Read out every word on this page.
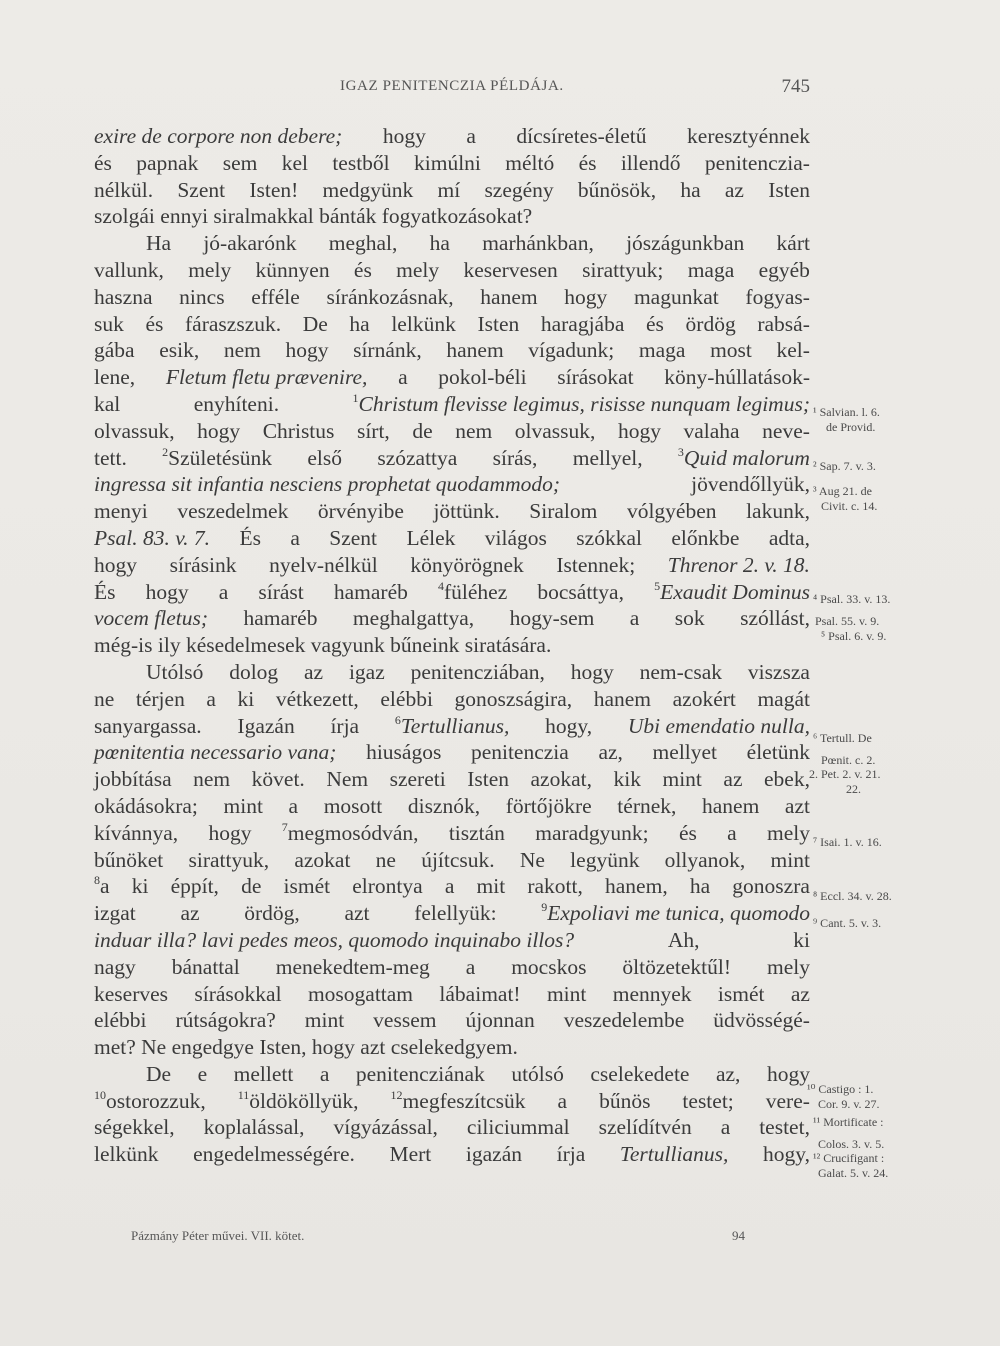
IGAZ PENITENCZIA PÉLDÁJA.	745
exire de corpore non debere; hogy a dícsíretes-életű keresztyénnek
és papnak sem kel testből kimúlni méltó és illendő penitenczia-
nélkül. Szent Isten! medgyünk mí szegény bűnösök, ha az Isten
szolgái ennyi siralmakkal bánták fogyatkozásokat?
Ha jó-akarónk meghal, ha marhánkban, jószágunkban kárt
vallunk, mely künnyen és mely keservesen sirattyuk; maga egyéb
haszna nincs efféle síránkozásnak, hanem hogy magunkat fogyas-
suk és fáraszszuk. De ha lelkünk Isten haragjába és ördög rabsá-
gába esik, nem hogy sírnánk, hanem vígadunk; maga most kel-
lene, Fletum fletu prævenire, a pokol-béli sírásokat köny-húllatások-
kal	enyhíteni.	$^1$Christum flevisse legimus, risisse nunquam legimus;
olvassuk, hogy Christus sírt, de nem olvassuk, hogy valaha neve-
tett.	$^2$Születésünk első szózattya sírás, mellyel,	$^3$Quid malorum
ingressa sit infantia nesciens prophetat quodammodo;	jövendőllyük,
menyi veszedelmek örvényibe jöttünk. Siralom vólgyében lakunk,
Psal. 83. v. 7. És a Szent Lélek világos szókkal előnkbe adta,
hogy sírásink nyelv-nélkül könyörögnek Istennek; Threnor 2. v. 18.
És hogy a sírást hamaréb	$^4$füléhez bocsáttya,	$^5$Exaudit Dominus
vocem fletus; hamaréb meghalgattya, hogy-sem a sok szóllást,
még-is ily késedelmesek vagyunk bűneink siratására.
Utólsó dolog az igaz penitencziában, hogy nem-csak viszsza
ne térjen a ki vétkezett, elébbi gonoszságira, hanem azokért magát
sanyargassa. Igazán írja	$^6$Tertullianus, hogy, Ubi emendatio nulla,
pœnitentia necessario vana; hiuságos penitenczia az, mellyet életünk
jobbítása nem követ. Nem szereti Isten azokat, kik mint az ebek,
okádásokra; mint a mosott disznók, förtőjökre térnek, hanem azt
kívánnya, hogy	$^7$megmosódván, tisztán maradgyunk; és a mely
bűnöket sirattyuk, azokat ne újítcsuk. Ne legyünk ollyanok, mint
$^8$a ki éppít, de ismét elrontya a mit rakott, hanem, ha gonoszra
izgat az ördög, azt felellyük:	$^9$Expoliavi me tunica, quomodo
induar illa? lavi pedes meos, quomodo inquinabo illos?	Ah,	ki
nagy bánattal menekedtem-meg a mocskos öltözetektűl! mely
keserves sírásokkal mosogattam lábaimat! mint mennyek ismét az
elébbi rútságokra? mint vessem újonnan veszedelembe üdvösségé-
met? Ne engedgye Isten, hogy azt cselekedgyem.
De e mellett a penitencziának utólsó cselekedete az, hogy
$^{10}$ostorozzuk,	$^{11}$öldököllyük,	$^{12}$megfeszítcsük a bűnös testet; vere-
ségekkel, koplalással, vígyázással, ciliciummal szelídítvén a testet,
lelkünk engedelmességére. Mert igazán írja Tertullianus, hogy,
¹ Salvian. l. 6.
de Provid.
² Sap. 7. v. 3.
³ Aug 21. de
Civit. c. 14.
⁴ Psal. 33. v. 13.
Psal. 55. v. 9.
⁵ Psal. 6. v. 9.
⁶ Tertull. De
Pœnit. c. 2.
2. Pet. 2. v. 21.
22.
⁷ Isai. 1. v. 16.
⁸ Eccl. 34. v. 28.
⁹ Cant. 5. v. 3.
¹⁰ Castigo : 1.
Cor. 9. v. 27.
¹¹ Mortificate :
Colos. 3. v. 5.
¹² Crucifigant :
Galat. 5. v. 24.
Pázmány Péter művei. VII. kötet.	94
